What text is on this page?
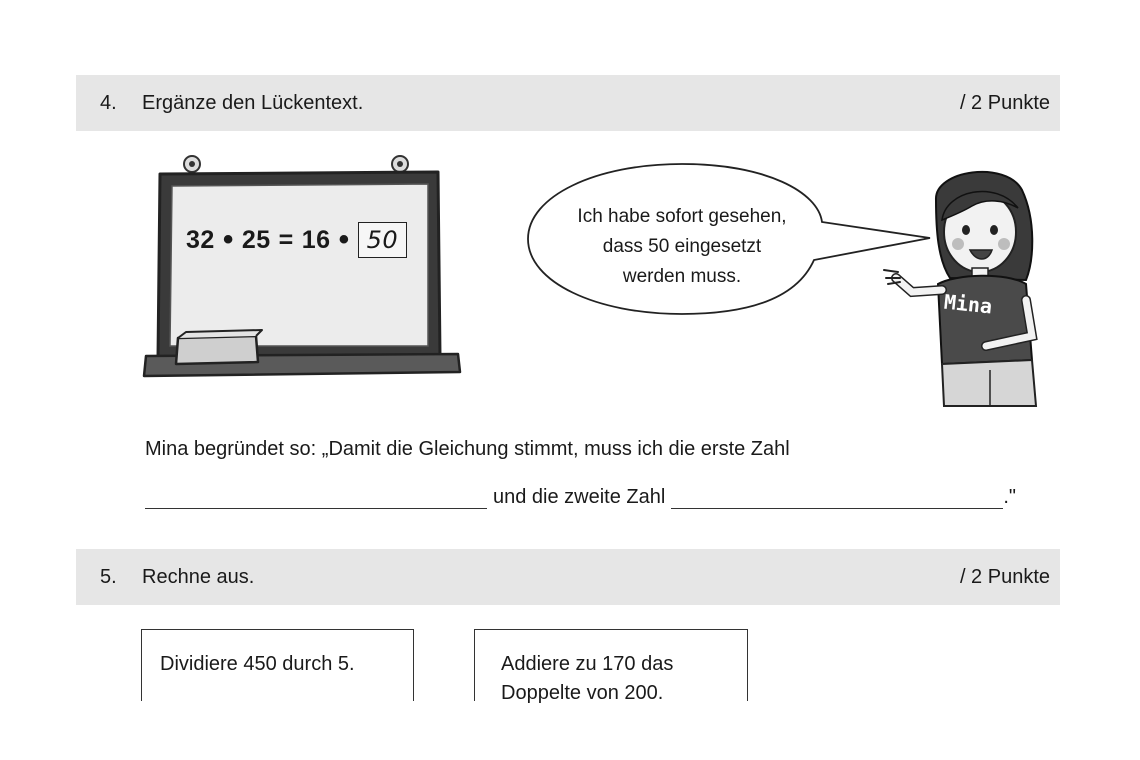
4.	Ergänze den Lückentext.	/ 2 Punkte
32 • 25 = 16 • 50
Ich habe sofort gesehen,
dass 50 eingesetzt
werden muss.
Mina
Mina begründet so: „Damit die Gleichung stimmt, muss ich die erste Zahl
und die zweite Zahl	."
5.	Rechne aus.	/ 2 Punkte
Dividiere 450 durch 5.	Addiere zu 170 das
Doppelte von 200.
